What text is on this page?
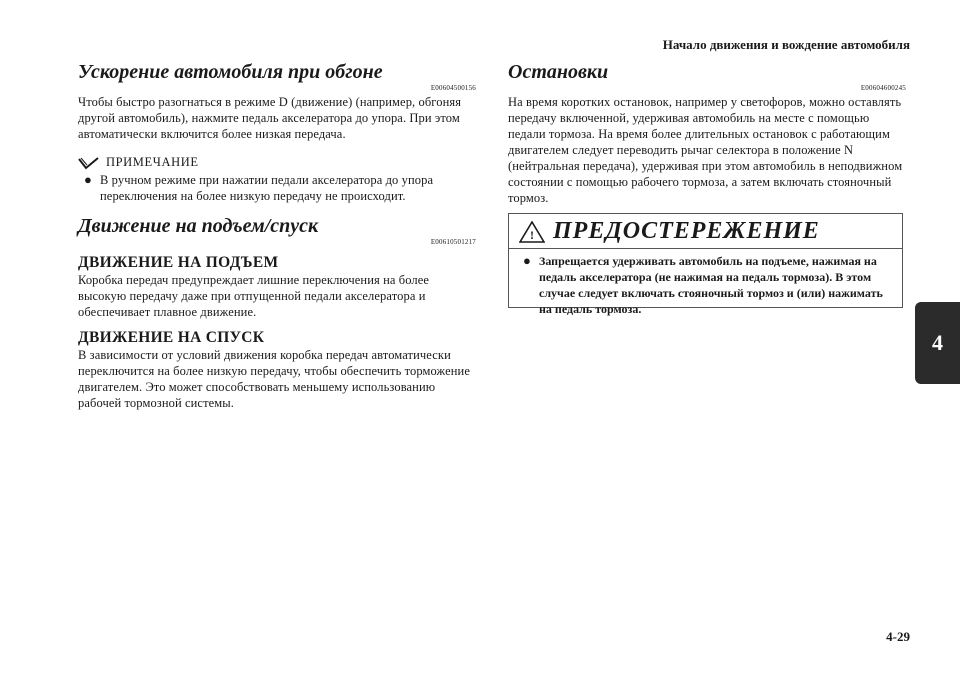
Начало движения и вождение автомобиля
4
Ускорение автомобиля при обгоне

E00604500156

Чтобы быстро разогнаться в режиме D (движение) (например, обгоняя другой автомобиль), нажмите педаль акселератора до упора. При этом автоматически включится более низкая передача.

ПРИМЕЧАНИЕ
● В ручном режиме при нажатии педали акселератора до упора переключения на более низкую передачу не происходит.

Движение на подъем/спуск

E00610501217

ДВИЖЕНИЕ НА ПОДЪЕМ

Коробка передач предупреждает лишние переключения на более высокую передачу даже при отпущенной педали акселератора и обеспечивает плавное движение.

ДВИЖЕНИЕ НА СПУСК

В зависимости от условий движения коробка передач автоматически переключится на более низкую передачу, чтобы обеспечить торможение двигателем. Это может способствовать меньшему использованию рабочей тормозной системы.

Остановки

E00604600245

На время коротких остановок, например у светофоров, можно оставлять передачу включенной, удерживая автомобиль на месте с помощью педали тормоза. На время более длительных остановок с работающим двигателем следует переводить рычаг селектора в положение N (нейтральная передача), удерживая при этом автомобиль в неподвижном состоянии с помощью рабочего тормоза, а затем включать стояночный тормоз.

! ПРЕДОСТЕРЕЖЕНИЕ
● Запрещается удерживать автомобиль на подъеме, нажимая на педаль акселератора (не нажимая на педаль тормоза). В этом случае следует включать стояночный тормоз и (или) нажимать на педаль тормоза.

4-29
